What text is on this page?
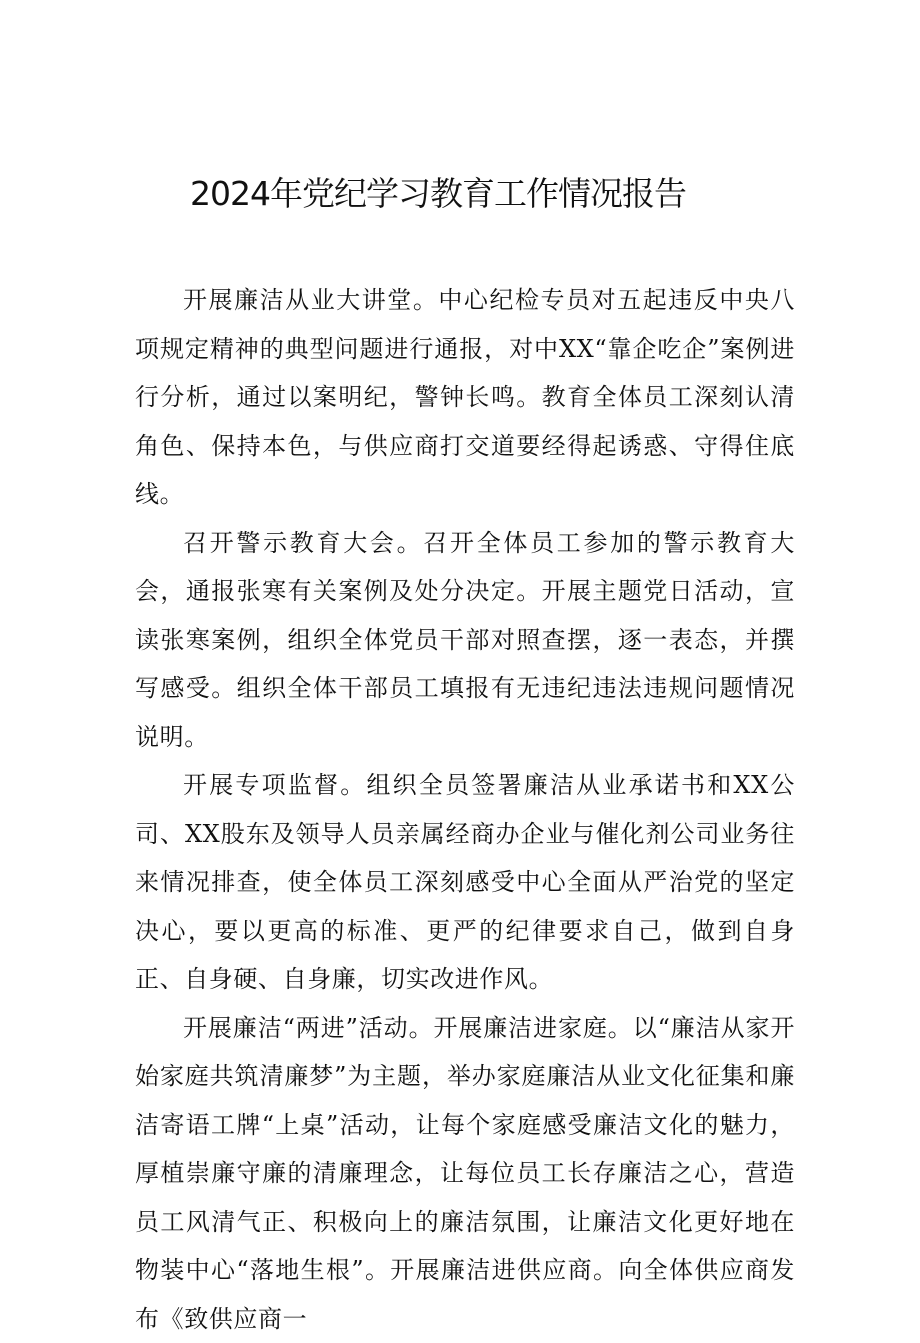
2024年党纪学习教育工作情况报告

开展廉洁从业大讲堂。中心纪检专员对五起违反中央八项规定精神的典型问题进行通报，对中XX“靠企吃企”案例进行分析，通过以案明纪，警钟长鸣。教育全体员工深刻认清角色、保持本色，与供应商打交道要经得起诱惑、守得住底线。

召开警示教育大会。召开全体员工参加的警示教育大会，通报张寒有关案例及处分决定。开展主题党日活动，宣读张寒案例，组织全体党员干部对照查摆，逐一表态，并撰写感受。组织全体干部员工填报有无违纪违法违规问题情况说明。

开展专项监督。组织全员签署廉洁从业承诺书和XX公司、XX股东及领导人员亲属经商办企业与催化剂公司业务往来情况排查，使全体员工深刻感受中心全面从严治党的坚定决心，要以更高的标准、更严的纪律要求自己，做到自身正、自身硬、自身廉，切实改进作风。

开展廉洁“两进”活动。开展廉洁进家庭。以“廉洁从家开始家庭共筑清廉梦”为主题，举办家庭廉洁从业文化征集和廉洁寄语工牌“上桌”活动，让每个家庭感受廉洁文化的魅力，厚植崇廉守廉的清廉理念，让每位员工长存廉洁之心，营造员工风清气正、积极向上的廉洁氛围，让廉洁文化更好地在物装中心“落地生根”。开展廉洁进供应商。向全体供应商发布《致供应商一
